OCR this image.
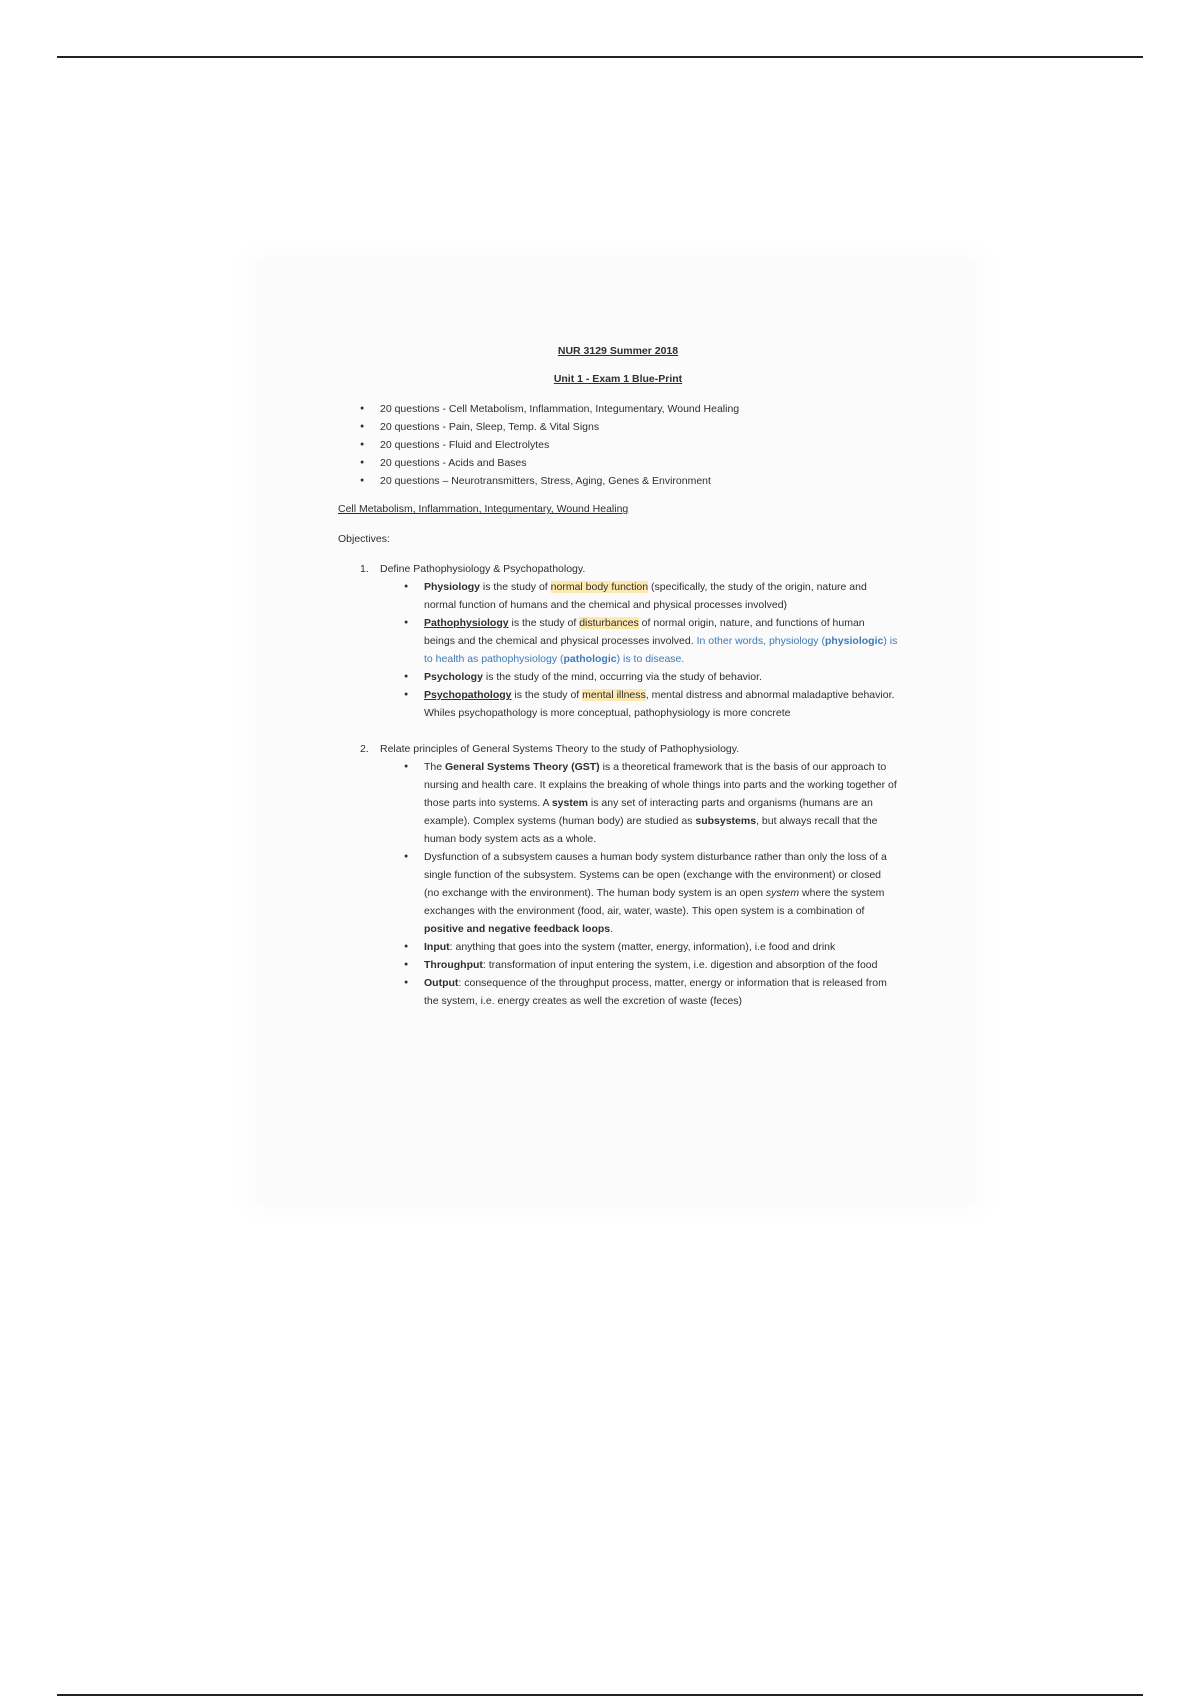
NUR 3129 Summer 2018

Unit 1 - Exam 1 Blue-Print

● 20 questions - Cell Metabolism, Inflammation, Integumentary, Wound Healing
● 20 questions - Pain, Sleep, Temp. & Vital Signs
● 20 questions - Fluid and Electrolytes
● 20 questions - Acids and Bases
● 20 questions – Neurotransmitters, Stress, Aging, Genes & Environment

Cell Metabolism, Inflammation, Integumentary, Wound Healing

Objectives:

1. Define Pathophysiology & Psychopathology.

● Physiology is the study of normal body function (specifically, the study of the origin, nature and normal function of humans and the chemical and physical processes involved)
● Pathophysiology is the study of disturbances of normal origin, nature, and functions of human beings and the chemical and physical processes involved. In other words, physiology (physiologic) is to health as pathophysiology (pathologic) is to disease.
● Psychology is the study of the mind, occurring via the study of behavior.
● Psychopathology is the study of mental illness, mental distress and abnormal maladaptive behavior. Whiles psychopathology is more conceptual, pathophysiology is more concrete

2. Relate principles of General Systems Theory to the study of Pathophysiology.

● The General Systems Theory (GST) is a theoretical framework that is the basis of our approach to nursing and health care. It explains the breaking of whole things into parts and the working together of those parts into systems. A system is any set of interacting parts and organisms (humans are an example). Complex systems (human body) are studied as subsystems, but always recall that the human body system acts as a whole.
● Dysfunction of a subsystem causes a human body system disturbance rather than only the loss of a single function of the subsystem. Systems can be open (exchange with the environment) or closed (no exchange with the environment). The human body system is an open system where the system exchanges with the environment (food, air, water, waste). This open system is a combination of positive and negative feedback loops.
● Input: anything that goes into the system (matter, energy, information), i.e food and drink
● Throughput: transformation of input entering the system, i.e. digestion and absorption of the food
● Output: consequence of the throughput process, matter, energy or information that is released from the system, i.e. energy creates as well the excretion of waste (feces)
